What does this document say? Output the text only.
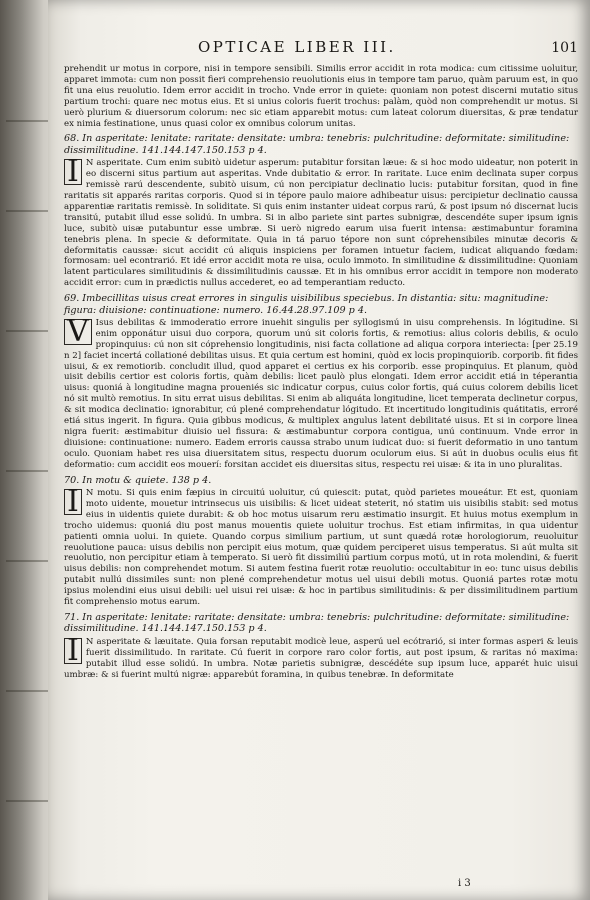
OPTICAE LIBER III.	101

prehendit ur motus in corpore, nisi in tempore sensibili. Similis error accidit in rota modica: cum citissime uoluitur, apparet immota: cum non possit fieri comprehensio reuolutionis eius in tempore tam paruo, quàm paruum est, in quo fit una eius reuolutio. Idem error accidit in trocho. Vnde error in quiete: quoniam non potest discerni mutatio situs partium trochi: quare nec motus eius. Et si unius coloris fuerit trochus: palàm, quòd non comprehendit ur motus. Si uerò plurium & diuersorum colorum: nec sic etiam apparebit motus: cum lateat colorum diuersitas, & præ tendatur ex nimia festinatione, unus quasi color ex omnibus colorum unitas.

68. In asperitate: lenitate: raritate: densitate: umbra: tenebris: pulchritudine: deformitate: similitudine: dissimilitudine. 141.144.147.150.153 p 4.

I N asperitate. Cum enim subitò uidetur asperum: putabitur forsitan læue: & si hoc modo uideatur, non poterit in eo discerni situs partium aut asperitas. Vnde dubitatio & error. In raritate. Luce enim declinata super corpus remissè rarú descendente, subitò uisum, cú non percipiatur declinatio lucis: putabitur forsitan, quod in fine raritatis sit apparés raritas corporis. Quod si in tépore paulo maiore adhibeatur uisus: percipietur declinatio caussa apparentiæ raritatis remissè. In soliditate. Si quis enim instanter uideat corpus rarú, & post ipsum nó discernat lucis transitú, putabit illud esse solidú. In umbra. Si in albo pariete sint partes subnigræ, descendéte super ipsum ignis luce, subitò uisæ putabuntur esse umbræ. Si uerò nigredo earum uisa fuerit intensa: æstimabuntur foramina tenebris plena. In specie & deformitate. Quia in tá paruo tépore non sunt cóprehensibiles minutæ decoris & deformitatis caussæ: sicut accidit cú aliquis inspiciens per foramen intuetur faciem, iudicat aliquando fœdam: formosam: uel econtrarió. Et idé error accidit mota re uisa, oculo immoto. In similitudine & dissimilitudine: Quoniam latent particulares similitudinis & dissimilitudinis caussæ. Et in his omnibus error accidit in tempore non moderato accidit error: cum in prædictis nullus accederet, eo ad temperantiam reducto.

69. Imbecillitas uisus creat errores in singulis uisibilibus speciebus. In distantia: situ: magnitudine: figura: diuisione: continuatione: numero. 16.44.28.97.109 p 4.

V Isus debilitas & immoderatio errore inuehit singulis per syllogismú in uisu comprehensis. In lógitudine. Si enim opponátur uisui duo corpora, quorum unú sit coloris fortis, & remotius: alius coloris debilis, & oculo propinquius: cú non sit cóprehensio longitudinis, nisi facta collatione ad aliqua corpora interiecta: [per 25.19 n 2] faciet incertá collationé debilitas uisus. Et quia certum est homini, quòd ex locis propinquiorib. corporib. fit fides uisui, & ex remotiorib. concludit illud, quod apparet ei certius ex his corporib. esse propinquius. Et planum, quòd uisit debilis certior est coloris fortis, quàm debilis: licet paulò plus elongati. Idem error accidit etiá in téperantia uisus: quoniá à longitudine magna proueniés sic indicatur corpus, cuius color fortis, quá cuius colorem debilis licet nó sit multò remotius. In situ errat uisus debilitas. Si enim ab aliquáta longitudine, licet temperata declinetur corpus, & sit modica declinatio: ignorabitur, cú plené comprehendatur lógitudo. Et incertitudo longitudinis quátitatis, erroré etiá situs ingerit. In figura. Quia gibbus modicus, & multiplex angulus latent debilitaté uisus. Et si in corpore linea nigra fuerit: æstimabitur diuisio uel fissura: & æstimabuntur corpora contigua, unú continuum. Vnde error in diuisione: continuatione: numero. Eadem erroris caussa strabo unum iudicat duo: si fuerit deformatio in uno tantum oculo. Quoniam habet res uisa diuersitatem situs, respectu duorum oculorum eius. Si aút in duobus oculis eius fit deformatio: cum accidit eos mouerí: forsitan accidet eis diuersitas situs, respectu rei uisæ: & ita in uno pluralitas.

70. In motu & quiete. 138 p 4.

I N motu. Si quis enim fæpius in circuitú uoluitur, cú quiescit: putat, quòd parietes moueátur. Et est, quoniam moto uidente, mouetur intrinsecus uis uisibilis: & licet uideat steterit, nó statim uis uisibilis stabit: sed motus eius in uidentis quiete durabit: & ob hoc motus uisarum reru æstimatio insurgit. Et huius motus exemplum in trocho uidemus: quoniá diu post manus mouentis quiete uoluitur trochus. Est etiam infirmitas, in qua uidentur patienti omnia uolui. In quiete. Quando corpus similium partium, ut sunt quædá rotæ horologiorum, reuoluitur reuolutione pauca: uisus debilis non percipit eius motum, quæ quidem perciperet uisus temperatus. Si aút multa sit reuolutio, non percipitur etiam à temperato. Si uerò fit dissimiliú partium corpus motú, ut in rota molendini, & fuerit uisus debilis: non comprehendet motum. Si autem festina fuerit rotæ reuolutio: occultabitur in eo: tunc uisus debilis putabit nullú dissimiles sunt: non plené comprehendetur motus uel uisui debili motus. Quoniá partes rotæ motu ipsius molendini eius uisui debili: uel uisui rei uisæ: & hoc in partibus similitudinis: & per dissimilitudinem partium fit comprehensio motus earum.

71. In asperitate: lenitate: raritate: densitate: umbra: tenebris: pulchritudine: deformitate: similitudine: dissimilitudine. 141.144.147.150.153 p 4.

I N asperitate & læuitate. Quia forsan reputabit modicè leue, asperú uel ecótrarió, si inter formas asperi & leuis fuerit dissimilitudo. In raritate. Cú fuerit in corpore raro color fortis, aut post ipsum, & raritas nó maxima: putabit illud esse solidú. In umbra. Notæ parietis subnigræ, descédéte sup ipsum luce, apparét huic uisui umbræ: & si fuerint multú nigræ: apparebút foramina, in quibus tenebræ. In deformitate

i 3
